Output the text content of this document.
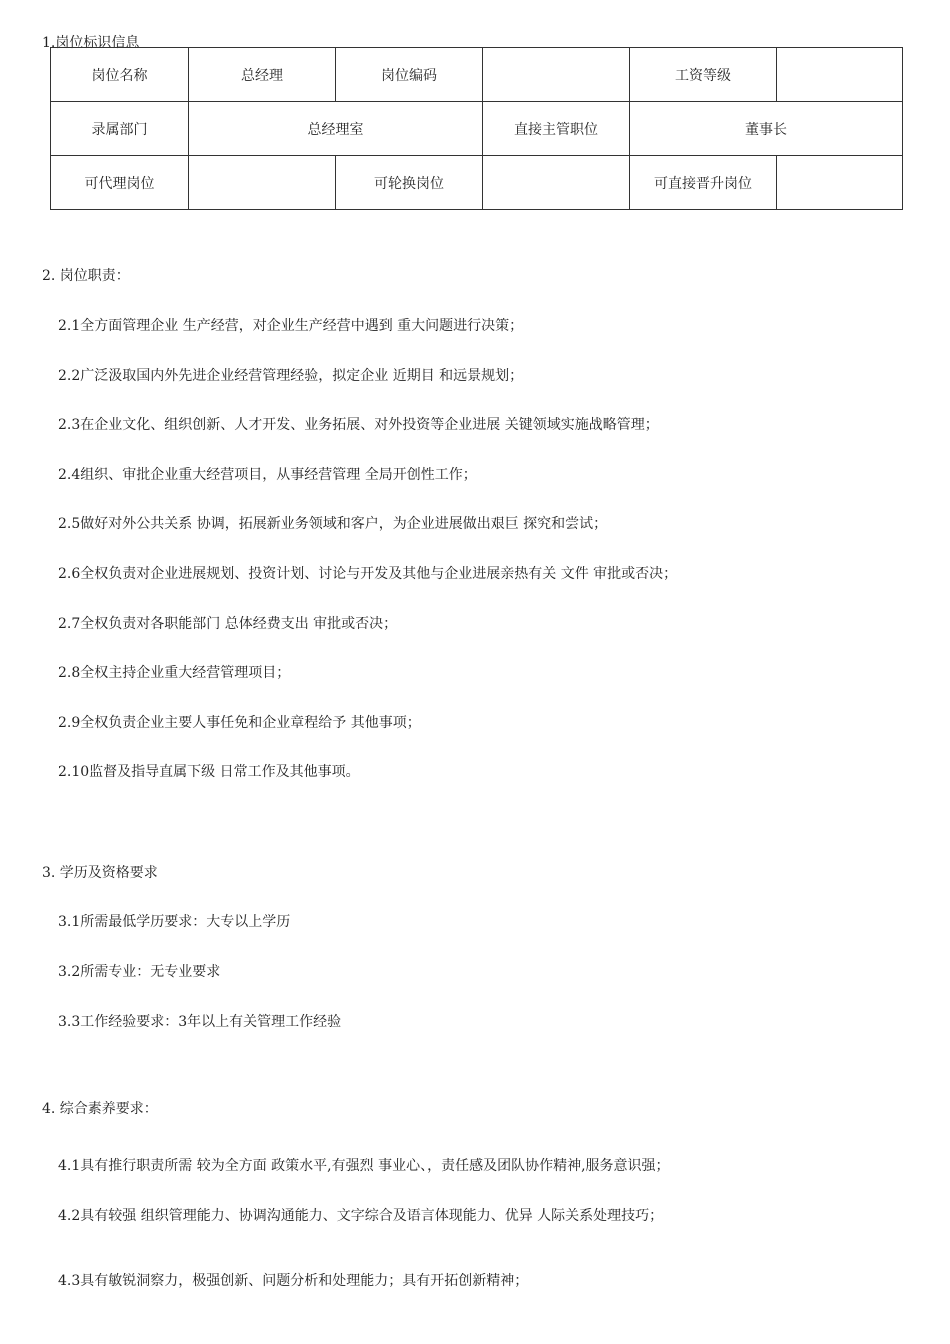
1.岗位标识信息
岗位名称	总经理	岗位编码		工资等级	
录属部门	总经理室		直接主管职位	董事长	
可代理岗位		可轮换岗位		可直接晋升岗位	
2. 岗位职责：
2.1全方面管理企业 生产经营，对企业生产经营中遇到 重大问题进行决策；
2.2广泛汲取国内外先进企业经营管理经验，拟定企业 近期目 和远景规划；
2.3在企业文化、组织创新、人才开发、业务拓展、对外投资等企业进展 关键领域实施战略管理；
2.4组织、审批企业重大经营项目，从事经营管理 全局开创性工作；
2.5做好对外公共关系 协调，拓展新业务领域和客户，为企业进展做出艰巨 探究和尝试；
2.6全权负责对企业进展规划、投资计划、讨论与开发及其他与企业进展亲热有关 文件 审批或否决；
2.7全权负责对各职能部门 总体经费支出 审批或否决；
2.8全权主持企业重大经营管理项目；
2.9全权负责企业主要人事任免和企业章程给予 其他事项；
2.10监督及指导直属下级 日常工作及其他事项。
3. 学历及资格要求
3.1所需最低学历要求：大专以上学历
3.2所需专业：无专业要求
3.3工作经验要求：3年以上有关管理工作经验
4. 综合素养要求：
4.1具有推行职责所需 较为全方面 政策水平,有强烈 事业心、，责任感及团队协作精神,服务意识强；
4.2具有较强 组织管理能力、协调沟通能力、文字综合及语言体现能力、优异 人际关系处理技巧；
4.3具有敏锐洞察力，极强创新、问题分析和处理能力；具有开拓创新精神；
